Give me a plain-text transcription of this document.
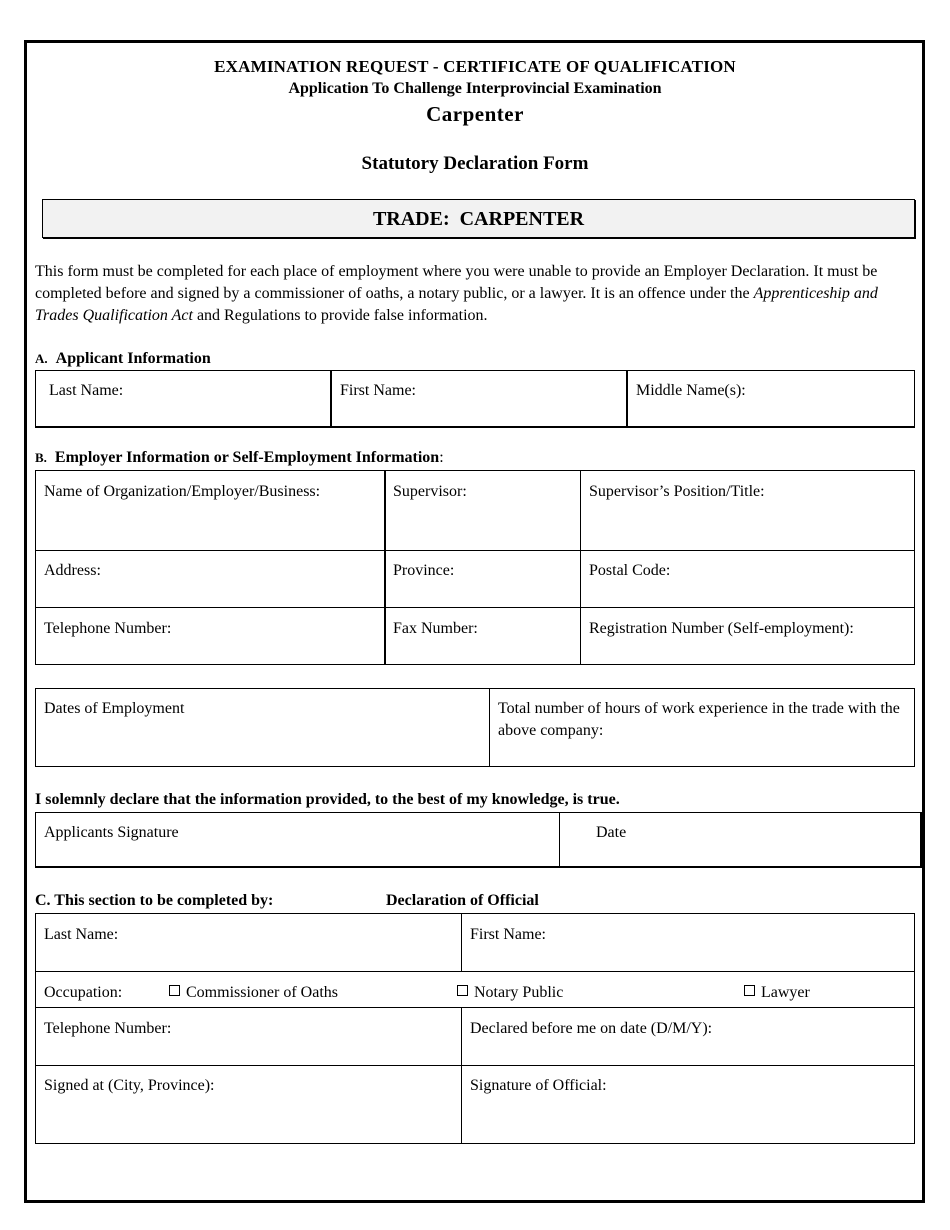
EXAMINATION REQUEST - CERTIFICATE OF QUALIFICATION
Application To Challenge Interprovincial Examination
Carpenter
Statutory Declaration Form
TRADE:  CARPENTER
This form must be completed for each place of employment where you were unable to provide an Employer Declaration. It must be completed before and signed by a commissioner of oaths, a notary public, or a lawyer. It is an offence under the Apprenticeship and Trades Qualification Act and Regulations to provide false information.
A. Applicant Information
Last Name:	First Name:	Middle Name(s):
B. Employer Information or Self-Employment Information:
Name of Organization/Employer/Business:	Supervisor:	Supervisor’s Position/Title:
Address:	Province:	Postal Code:
Telephone Number:	Fax Number:	Registration Number (Self-employment):
Dates of Employment	Total number of hours of work experience in the trade with the above company:
I solemnly declare that the information provided, to the best of my knowledge, is true.
Applicants Signature	Date
C. This section to be completed by:	Declaration of Official
Last Name:	First Name:
Occupation:	Commissioner of Oaths	Notary Public	Lawyer
Telephone Number:	Declared before me on date (D/M/Y):
Signed at (City, Province):	Signature of Official:
